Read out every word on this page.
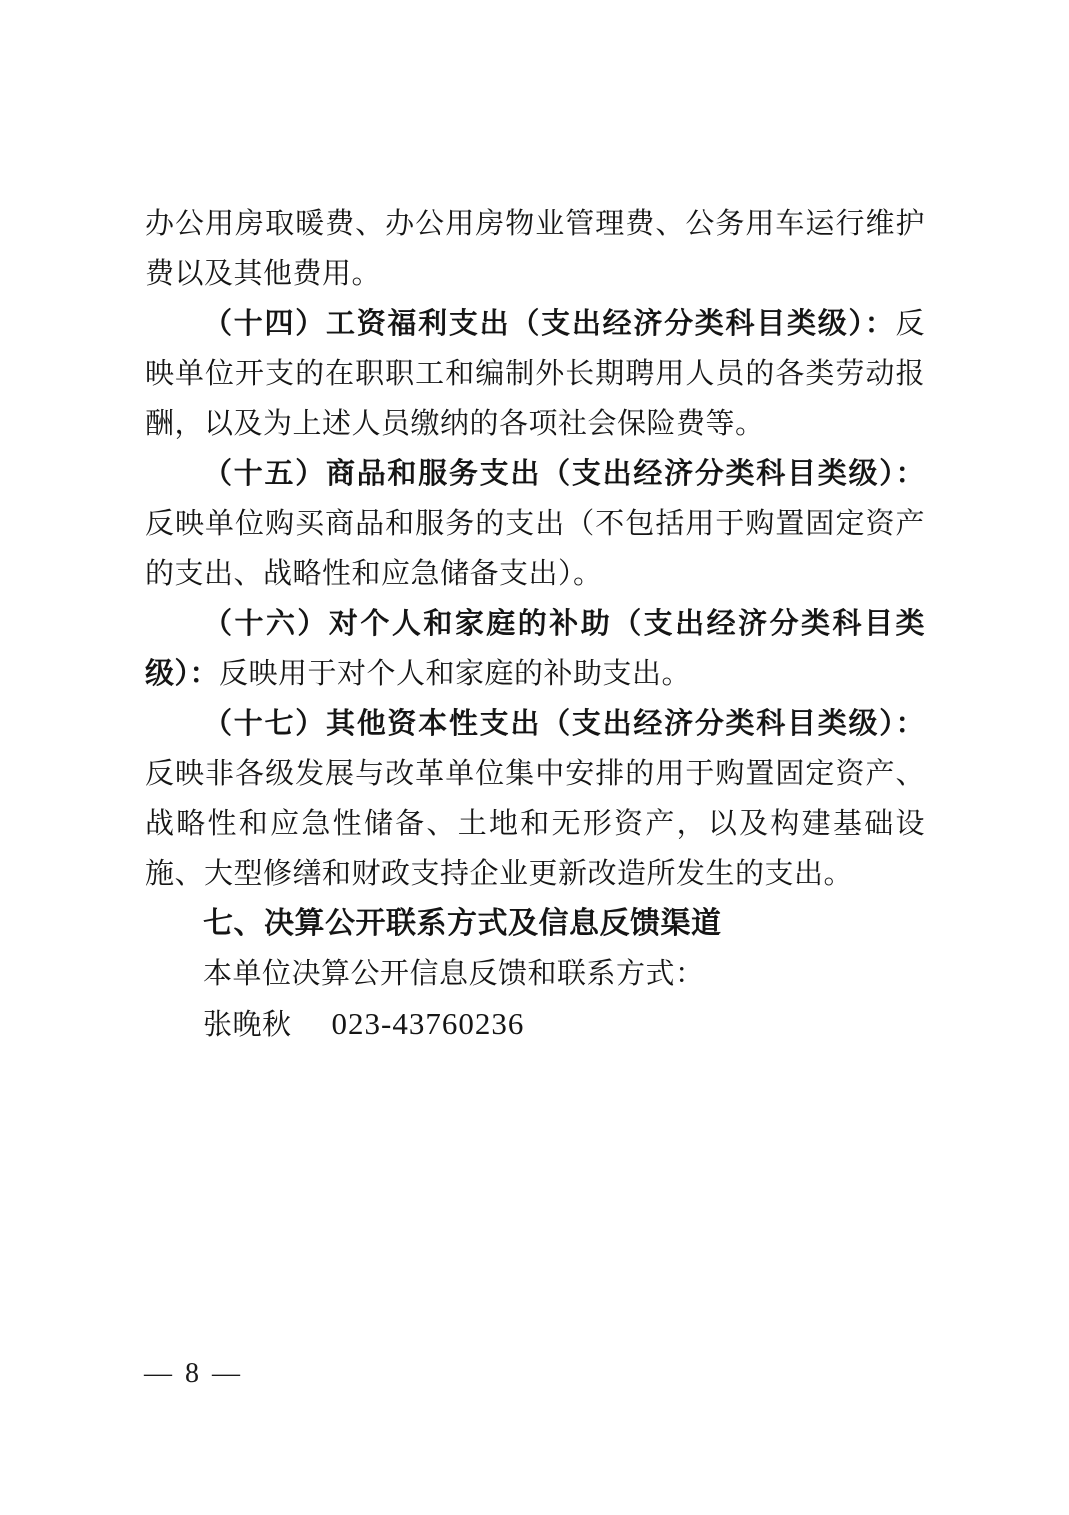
办公用房取暖费、办公用房物业管理费、公务用车运行维护费以及其他费用。

（十四）工资福利支出（支出经济分类科目类级）：反映单位开支的在职职工和编制外长期聘用人员的各类劳动报酬，以及为上述人员缴纳的各项社会保险费等。

（十五）商品和服务支出（支出经济分类科目类级）：反映单位购买商品和服务的支出（不包括用于购置固定资产的支出、战略性和应急储备支出）。

（十六）对个人和家庭的补助（支出经济分类科目类级）：反映用于对个人和家庭的补助支出。

（十七）其他资本性支出（支出经济分类科目类级）：反映非各级发展与改革单位集中安排的用于购置固定资产、战略性和应急性储备、土地和无形资产，以及构建基础设施、大型修缮和财政支持企业更新改造所发生的支出。

七、决算公开联系方式及信息反馈渠道

本单位决算公开信息反馈和联系方式：

张晚秋 023-43760236

— 8 —
